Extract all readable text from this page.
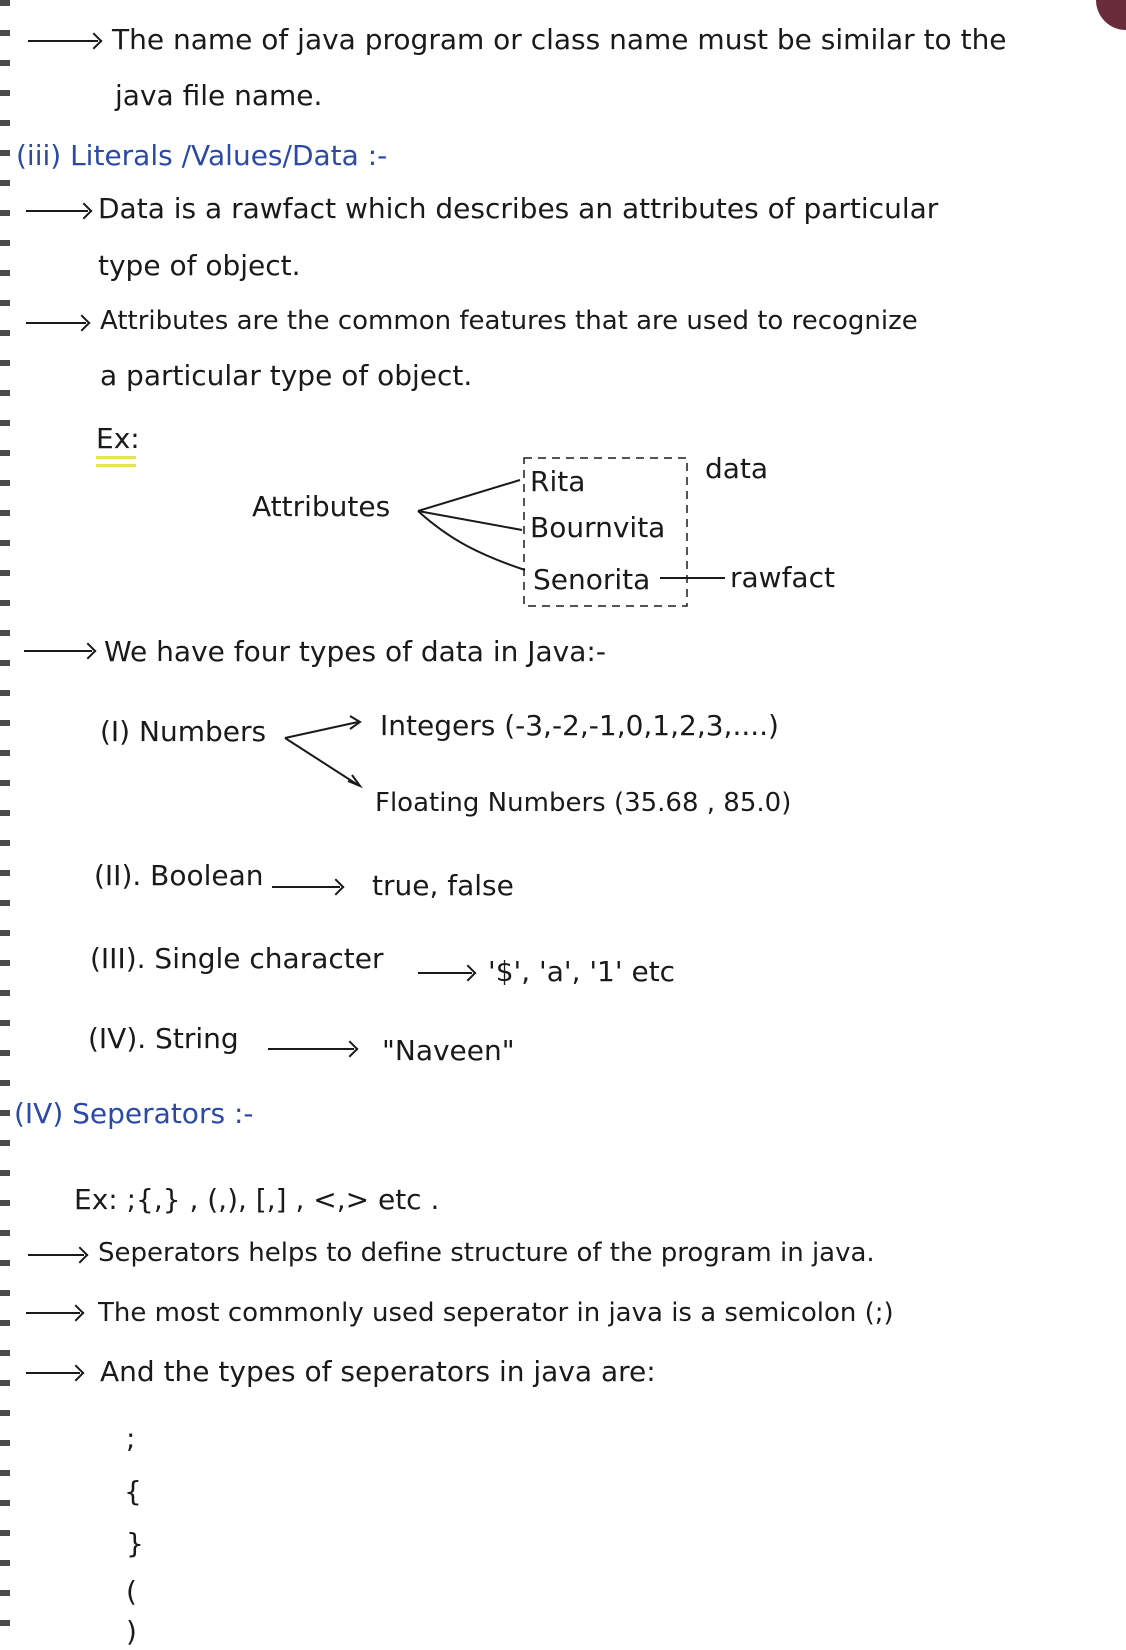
The name of java program or class name must be similar to the
java file name.
(iii) Literals /Values/Data :-
Data is a rawfact which describes an attributes of particular
type of object.
Attributes are the common features that are used to recognize
a particular type of object.
Ex:
Attributes
Rita
Bournvita
Senorita
data
rawfact
We have four types of data in Java:-
(I) Numbers	Integers (-3,-2,-1,0,1,2,3,....)
Floating Numbers (35.68 , 85.0)
(II). Boolean	true, false
(III). Single character	'$', 'a', '1' etc
(IV). String	"Naveen"
(IV) Seperators :-
Ex: ;{,} , (,), [,] , <,> etc .
Seperators helps to define structure of the program in java.
The most commonly used seperator in java is a semicolon (;)
And the types of seperators in java are:
;
{
}
(
)
